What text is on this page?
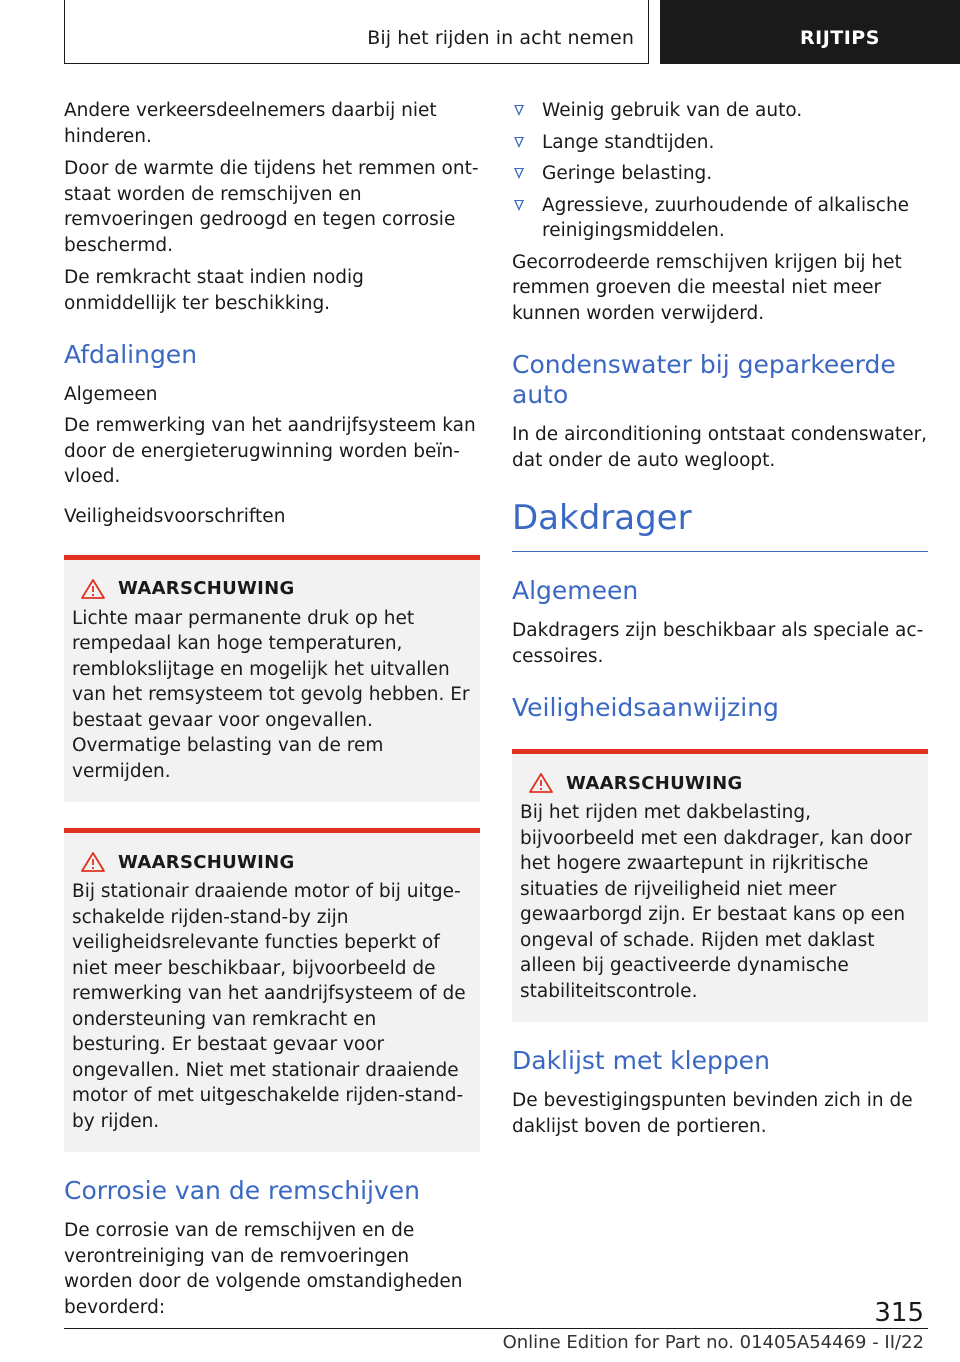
Bij het rijden in acht nemen	RIJTIPS i

Andere verkeersdeelnemers daarbij niet hinderen.

Door de warmte die tijdens het remmen ontstaat worden de remschijven en remvoeringen gedroogd en tegen corrosie beschermd.

De remkracht staat indien nodig onmiddellijk ter beschikking.

Afdalingen
Algemeen

De remwerking van het aandrijfsysteem kan door de energieterugwinning worden beïnvloed.

Veiligheidsvoorschriften
WAARSCHUWING

Lichte maar permanente druk op het rempedaal kan hoge temperaturen, remblokslijtage en mogelijk het uitvallen van het remsysteem tot gevolg hebben. Er bestaat gevaar voor ongevallen. Overmatige belasting van de rem vermijden.

WAARSCHUWING

Bij stationair draaiende motor of bij uitgeschakelde rijden-stand-by zijn veiligheidsrelevante functies beperkt of niet meer beschikbaar, bijvoorbeeld de remwerking van het aandrijfsysteem of de ondersteuning van remkracht en besturing. Er bestaat gevaar voor ongevallen. Niet met stationair draaiende motor of met uitgeschakelde rijden-stand-by rijden.

Corrosie van de remschijven

De corrosie van de remschijven en de verontreiniging van de remvoeringen worden door de volgende omstandigheden bevorderd:

Weinig gebruik van de auto.
Lange standtijden.
Geringe belasting.
Agressieve, zuurhoudende of alkalische reinigingsmiddelen.

Gecorrodeerde remschijven krijgen bij het remmen groeven die meestal niet meer kunnen worden verwijderd.

Condenswater bij geparkeerde auto

In de airconditioning ontstaat condenswater, dat onder de auto wegloopt.

Dakdrager
Algemeen

Dakdragers zijn beschikbaar als speciale accessoires.

Veiligheidsaanwijzing
WAARSCHUWING

Bij het rijden met dakbelasting, bijvoorbeeld met een dakdrager, kan door het hogere zwaartepunt in rijkritische situaties de rijveiligheid niet meer gewaarborgd zijn. Er bestaat kans op een ongeval of schade. Rijden met daklast alleen bij geactiveerde dynamische stabiliteitscontrole.

Daklijst met kleppen

De bevestigingspunten bevinden zich in de daklijst boven de portieren.

315
Online Edition for Part no. 01405A54469 - II/22
